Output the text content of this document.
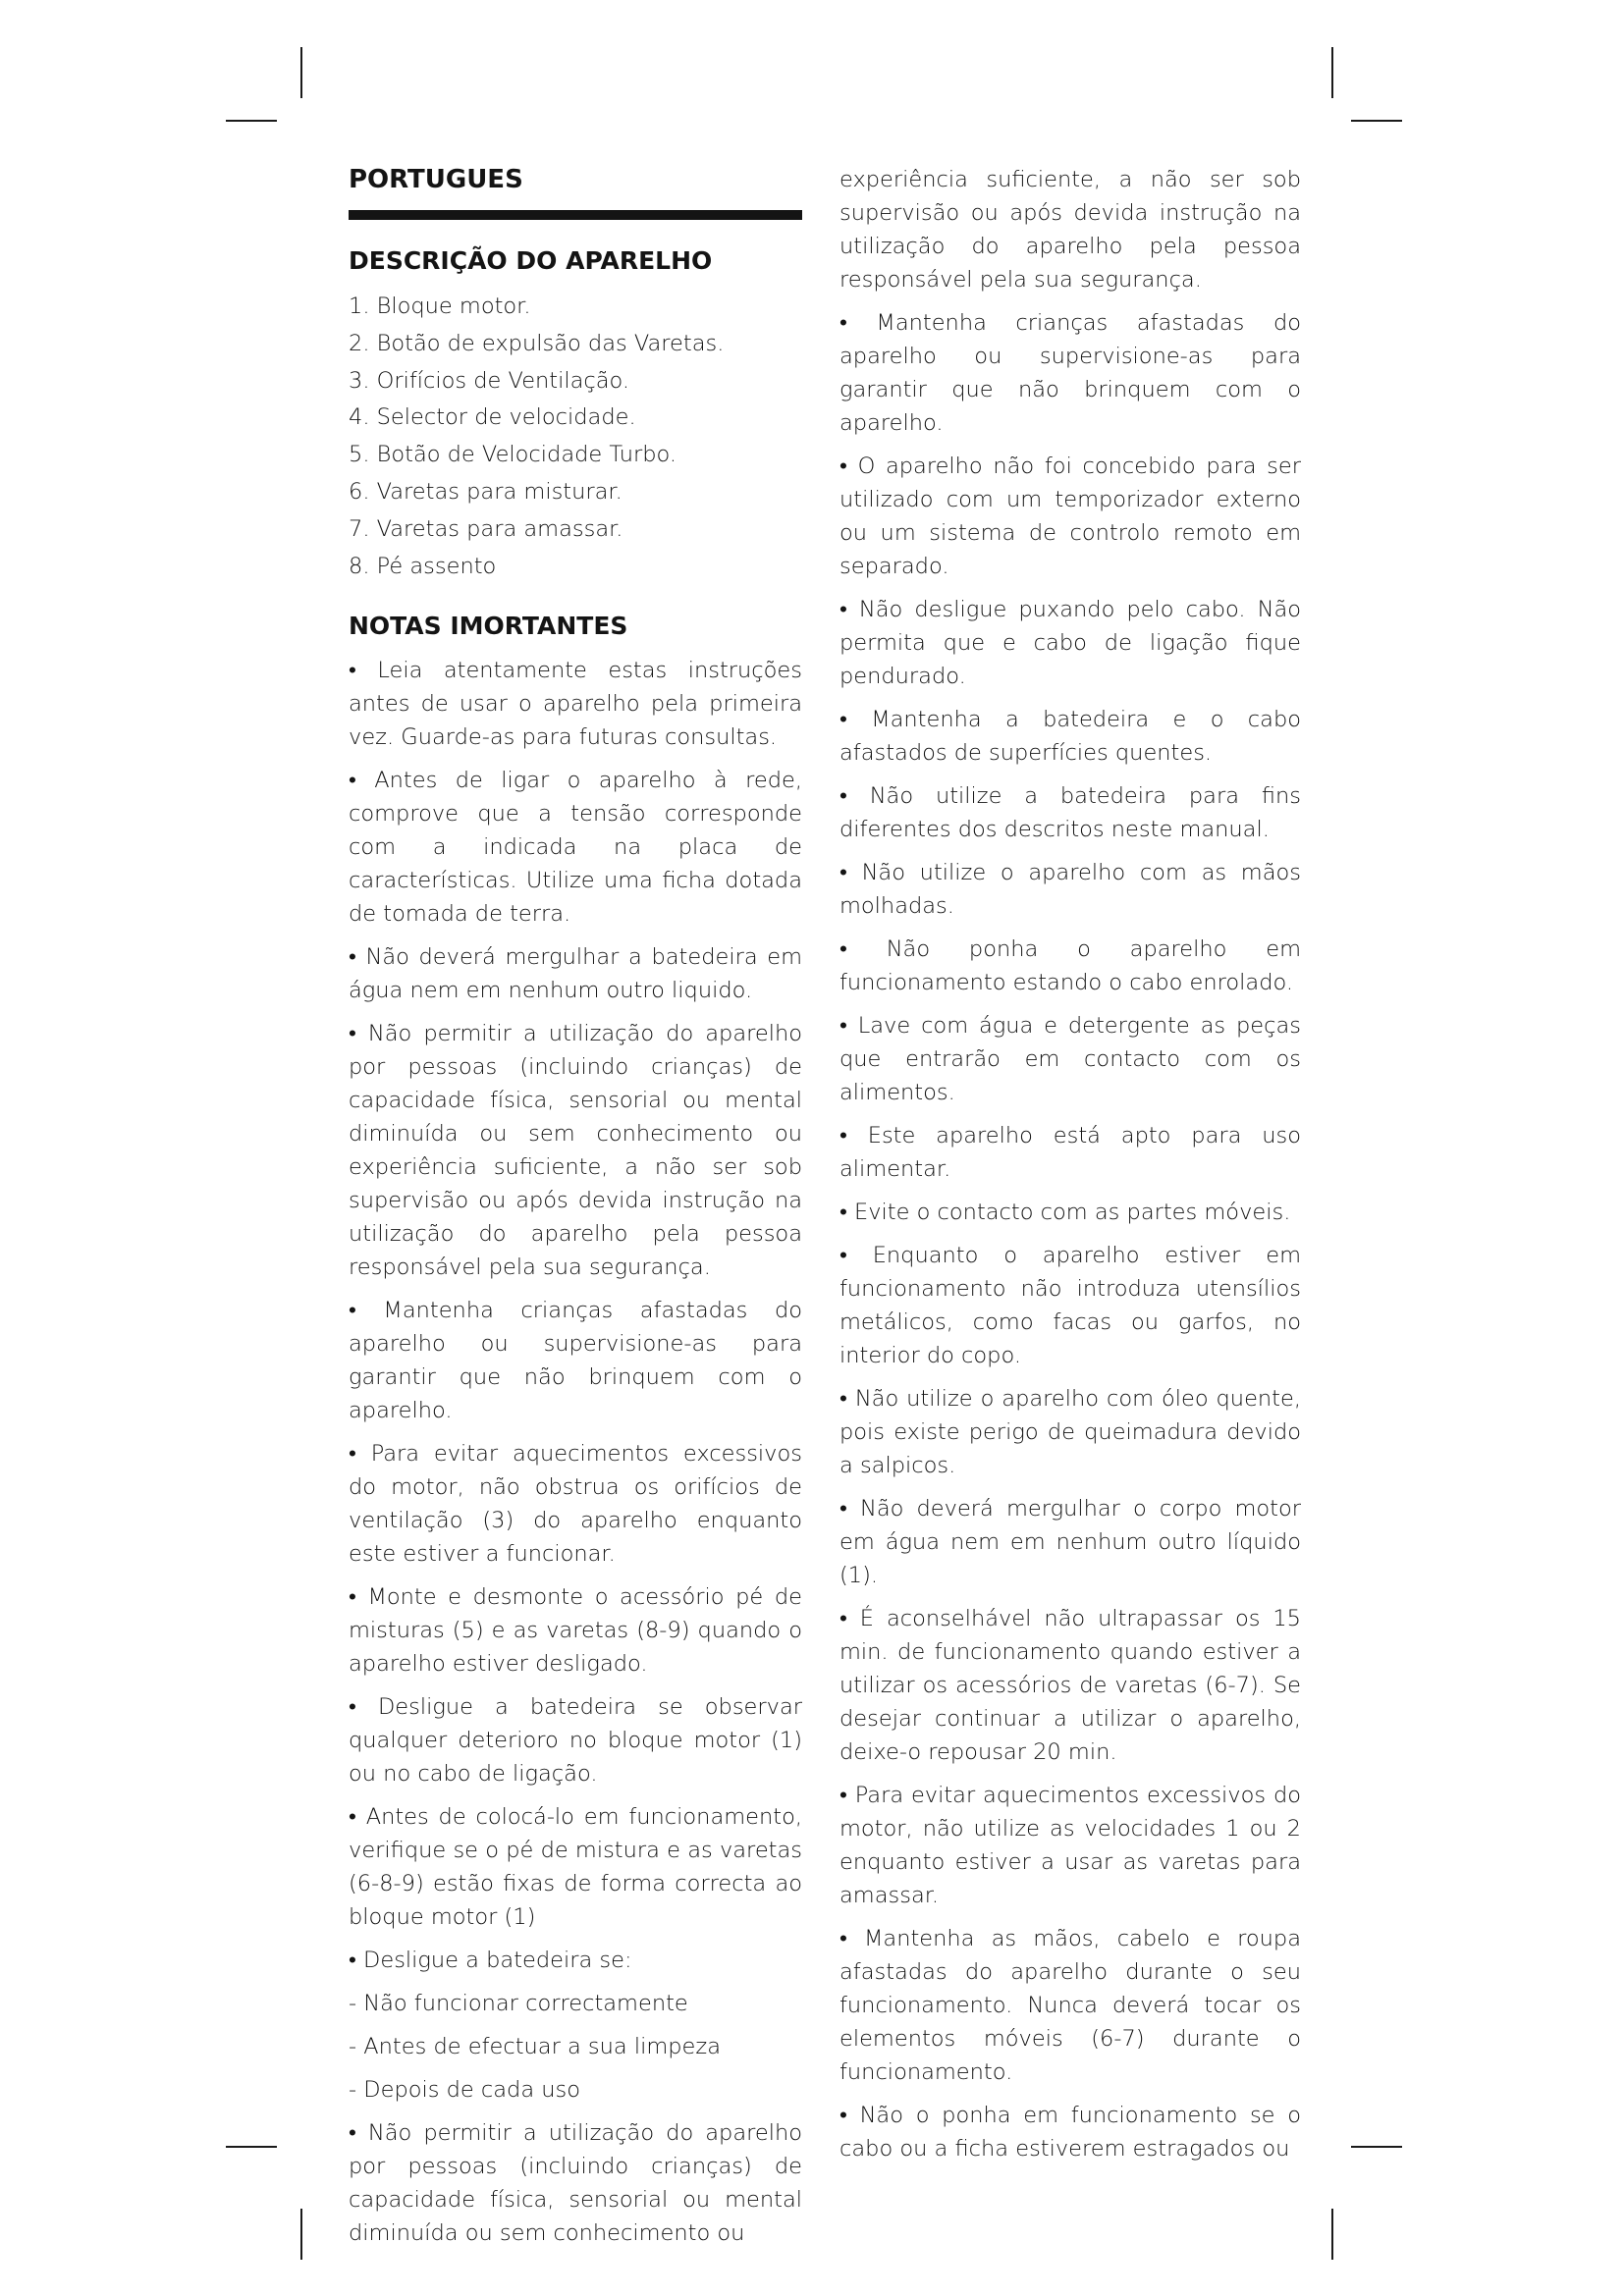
PORTUGUES
DESCRIÇÃO DO APARELHO
1. Bloque motor.
2. Botão de expulsão das Varetas.
3. Orifícios de Ventilação.
4. Selector de velocidade.
5. Botão de Velocidade Turbo.
6. Varetas para misturar.
7. Varetas para amassar.
8. Pé assento
NOTAS IMORTANTES

• Leia atentamente estas instruções antes de usar o aparelho pela primeira vez. Guarde-as para futuras consultas.

• Antes de ligar o aparelho à rede, comprove que a tensão corresponde com a indicada na placa de características. Utilize uma ficha dotada de tomada de terra.

• Não deverá mergulhar a batedeira em água nem em nenhum outro liquido.

• Não permitir a utilização do aparelho por pessoas (incluindo crianças) de capacidade física, sensorial ou mental diminuída ou sem conhecimento ou experiência suficiente, a não ser sob supervisão ou após devida instrução na utilização do aparelho pela pessoa responsável pela sua segurança.

• Mantenha crianças afastadas do aparelho ou supervisione-as para garantir que não brinquem com o aparelho.

• Para evitar aquecimentos excessivos do motor, não obstrua os orifícios de ventilação (3) do aparelho enquanto este estiver a funcionar.

• Monte e desmonte o acessório pé de misturas (5) e as varetas (8-9) quando o aparelho estiver desligado.

• Desligue a batedeira se observar qualquer deterioro no bloque motor (1) ou no cabo de ligação.

• Antes de colocá-lo em funcionamento, verifique se o pé de mistura e as varetas (6-8-9) estão fixas de forma correcta ao bloque motor (1)

• Desligue a batedeira se:

- Não funcionar correctamente

- Antes de efectuar a sua limpeza

- Depois de cada uso

• Não permitir a utilização do aparelho por pessoas (incluindo crianças) de capacidade física, sensorial ou mental diminuída ou sem conhecimento ou

experiência suficiente, a não ser sob supervisão ou após devida instrução na utilização do aparelho pela pessoa responsável pela sua segurança.

• Mantenha crianças afastadas do aparelho ou supervisione-as para garantir que não brinquem com o aparelho.

• O aparelho não foi concebido para ser utilizado com um temporizador externo ou um sistema de controlo remoto em separado.

• Não desligue puxando pelo cabo. Não permita que e cabo de ligação fique pendurado.

• Mantenha a batedeira e o cabo afastados de superfícies quentes.

• Não utilize a batedeira para fins diferentes dos descritos neste manual.

• Não utilize o aparelho com as mãos molhadas.

• Não ponha o aparelho em funcionamento estando o cabo enrolado.

• Lave com água e detergente as peças que entrarão em contacto com os alimentos.

• Este aparelho está apto para uso alimentar.

• Evite o contacto com as partes móveis.

• Enquanto o aparelho estiver em funcionamento não introduza utensílios metálicos, como facas ou garfos, no interior do copo.

• Não utilize o aparelho com óleo quente, pois existe perigo de queimadura devido a salpicos.

• Não deverá mergulhar o corpo motor em água nem em nenhum outro líquido (1).

• É aconselhável não ultrapassar os 15 min. de funcionamento quando estiver a utilizar os acessórios de varetas (6-7). Se desejar continuar a utilizar o aparelho, deixe-o repousar 20 min.

• Para evitar aquecimentos excessivos do motor, não utilize as velocidades 1 ou 2 enquanto estiver a usar as varetas para amassar.

• Mantenha as mãos, cabelo e roupa afastadas do aparelho durante o seu funcionamento. Nunca deverá tocar os elementos móveis (6-7) durante o funcionamento.

• Não o ponha em funcionamento se o cabo ou a ficha estiverem estragados ou
